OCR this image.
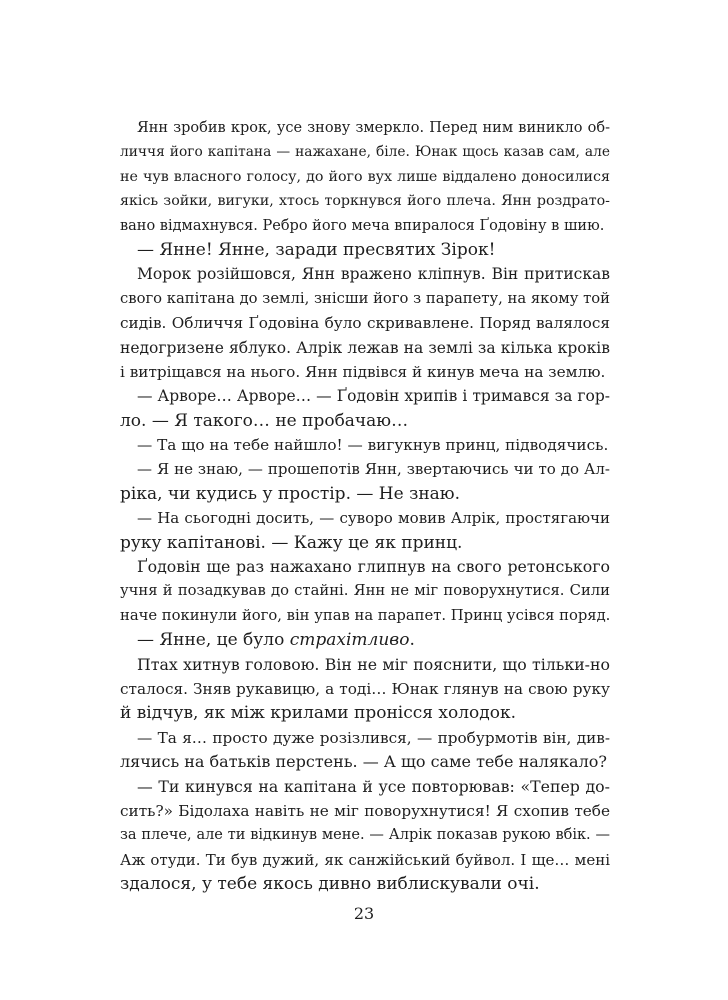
Янн зробив крок, усе знову змеркло. Перед ним виникло об-
личчя його капітана — нажахане, біле. Юнак щось казав сам, але
не чув власного голосу, до його вух лише віддалено доносилися
якісь зойки, вигуки, хтось торкнувся його плеча. Янн роздрато-
вано відмахнувся. Ребро його меча впиралося Ґодовіну в шию.
— Янне! Янне, заради пресвятих Зірок!
Морок розійшовся, Янн вражено кліпнув. Він притискав
свого капітана до землі, знісши його з парапету, на якому той
сидів. Обличчя Ґодовіна було скривавлене. Поряд валялося
недогризене яблуко. Алрік лежав на землі за кілька кроків
і витріщався на нього. Янн підвівся й кинув меча на землю.
— Арворе… Арворе… — Ґодовін хрипів і тримався за гор-
ло. — Я такого… не пробачаю…
— Та що на тебе найшло! — вигукнув принц, підводячись.
— Я не знаю, — прошепотів Янн, звертаючись чи то до Ал-
ріка, чи кудись у простір. — Не знаю.
— На сьогодні досить, — суворо мовив Алрік, простягаючи
руку капітанові. — Кажу це як принц.
Ґодовін ще раз нажахано глипнув на свого ретонського
учня й позадкував до стайні. Янн не міг поворухнутися. Сили
наче покинули його, він упав на парапет. Принц усівся поряд.
— Янне, це було страхітливо.
Птах хитнув головою. Він не міг пояснити, що тільки-но
сталося. Зняв рукавицю, а тоді… Юнак глянув на свою руку
й відчув, як між крилами пронісся холодок.
— Та я… просто дуже розізлився, — пробурмотів він, див-
лячись на батьків перстень. — А що саме тебе налякало?
— Ти кинувся на капітана й усе повторював: «Тепер до-
сить?» Бідолаха навіть не міг поворухнутися! Я схопив тебе
за плече, але ти відкинув мене. — Алрік показав рукою вбік. —
Аж отуди. Ти був дужий, як санжійський буйвол. І ще… мені
здалося, у тебе якось дивно виблискували очі.
23
